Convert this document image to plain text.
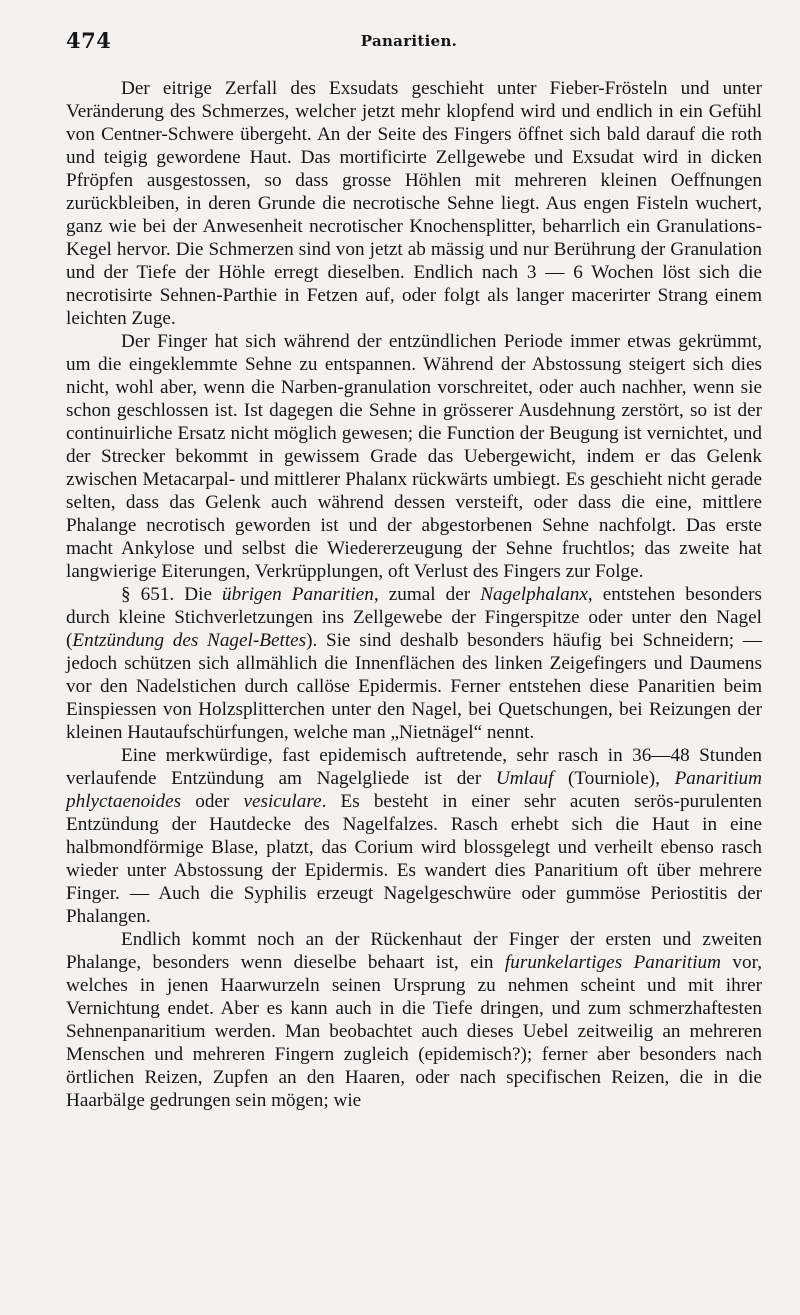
474	Panaritien.

Der eitrige Zerfall des Exsudats geschieht unter Fieber-Frösteln und unter Veränderung des Schmerzes, welcher jetzt mehr klopfend wird und endlich in ein Gefühl von Centner-Schwere übergeht. An der Seite des Fingers öffnet sich bald darauf die roth und teigig gewordene Haut. Das mortificirte Zellgewebe und Exsudat wird in dicken Pfröpfen ausgestossen, so dass grosse Höhlen mit mehreren kleinen Oeffnungen zurückbleiben, in deren Grunde die necrotische Sehne liegt. Aus engen Fisteln wuchert, ganz wie bei der Anwesenheit necrotischer Knochensplitter, beharrlich ein Granulations-Kegel hervor. Die Schmerzen sind von jetzt ab mässig und nur Berührung der Granulation und der Tiefe der Höhle erregt dieselben. Endlich nach 3 — 6 Wochen löst sich die necrotisirte Sehnen-Parthie in Fetzen auf, oder folgt als langer macerirter Strang einem leichten Zuge.

Der Finger hat sich während der entzündlichen Periode immer etwas gekrümmt, um die eingeklemmte Sehne zu entspannen. Während der Abstossung steigert sich dies nicht, wohl aber, wenn die Narben-granulation vorschreitet, oder auch nachher, wenn sie schon geschlossen ist. Ist dagegen die Sehne in grösserer Ausdehnung zerstört, so ist der continuirliche Ersatz nicht möglich gewesen; die Function der Beugung ist vernichtet, und der Strecker bekommt in gewissem Grade das Uebergewicht, indem er das Gelenk zwischen Metacarpal- und mittlerer Phalanx rückwärts umbiegt. Es geschieht nicht gerade selten, dass das Gelenk auch während dessen versteift, oder dass die eine, mittlere Phalange necrotisch geworden ist und der abgestorbenen Sehne nachfolgt. Das erste macht Ankylose und selbst die Wiedererzeugung der Sehne fruchtlos; das zweite hat langwierige Eiterungen, Verkrüpplungen, oft Verlust des Fingers zur Folge.

§ 651. Die übrigen Panaritien, zumal der Nagelphalanx, entstehen besonders durch kleine Stichverletzungen ins Zellgewebe der Fingerspitze oder unter den Nagel (Entzündung des Nagel-Bettes). Sie sind deshalb besonders häufig bei Schneidern; — jedoch schützen sich allmählich die Innenflächen des linken Zeigefingers und Daumens vor den Nadelstichen durch callöse Epidermis. Ferner entstehen diese Panaritien beim Einspiessen von Holzsplitterchen unter den Nagel, bei Quetschungen, bei Reizungen der kleinen Hautaufschürfungen, welche man „Nietnägel“ nennt.

Eine merkwürdige, fast epidemisch auftretende, sehr rasch in 36—48 Stunden verlaufende Entzündung am Nagelgliede ist der Umlauf (Tourniole), Panaritium phlyctaenoides oder vesiculare. Es besteht in einer sehr acuten serös-purulenten Entzündung der Hautdecke des Nagelfalzes. Rasch erhebt sich die Haut in eine halbmondförmige Blase, platzt, das Corium wird blossgelegt und verheilt ebenso rasch wieder unter Abstossung der Epidermis. Es wandert dies Panaritium oft über mehrere Finger. — Auch die Syphilis erzeugt Nagelgeschwüre oder gummöse Periostitis der Phalangen.

Endlich kommt noch an der Rückenhaut der Finger der ersten und zweiten Phalange, besonders wenn dieselbe behaart ist, ein furunkelartiges Panaritium vor, welches in jenen Haarwurzeln seinen Ursprung zu nehmen scheint und mit ihrer Vernichtung endet. Aber es kann auch in die Tiefe dringen, und zum schmerzhaftesten Sehnenpanaritium werden. Man beobachtet auch dieses Uebel zeitweilig an mehreren Menschen und mehreren Fingern zugleich (epidemisch?); ferner aber besonders nach örtlichen Reizen, Zupfen an den Haaren, oder nach specifischen Reizen, die in die Haarbälge gedrungen sein mögen; wie
